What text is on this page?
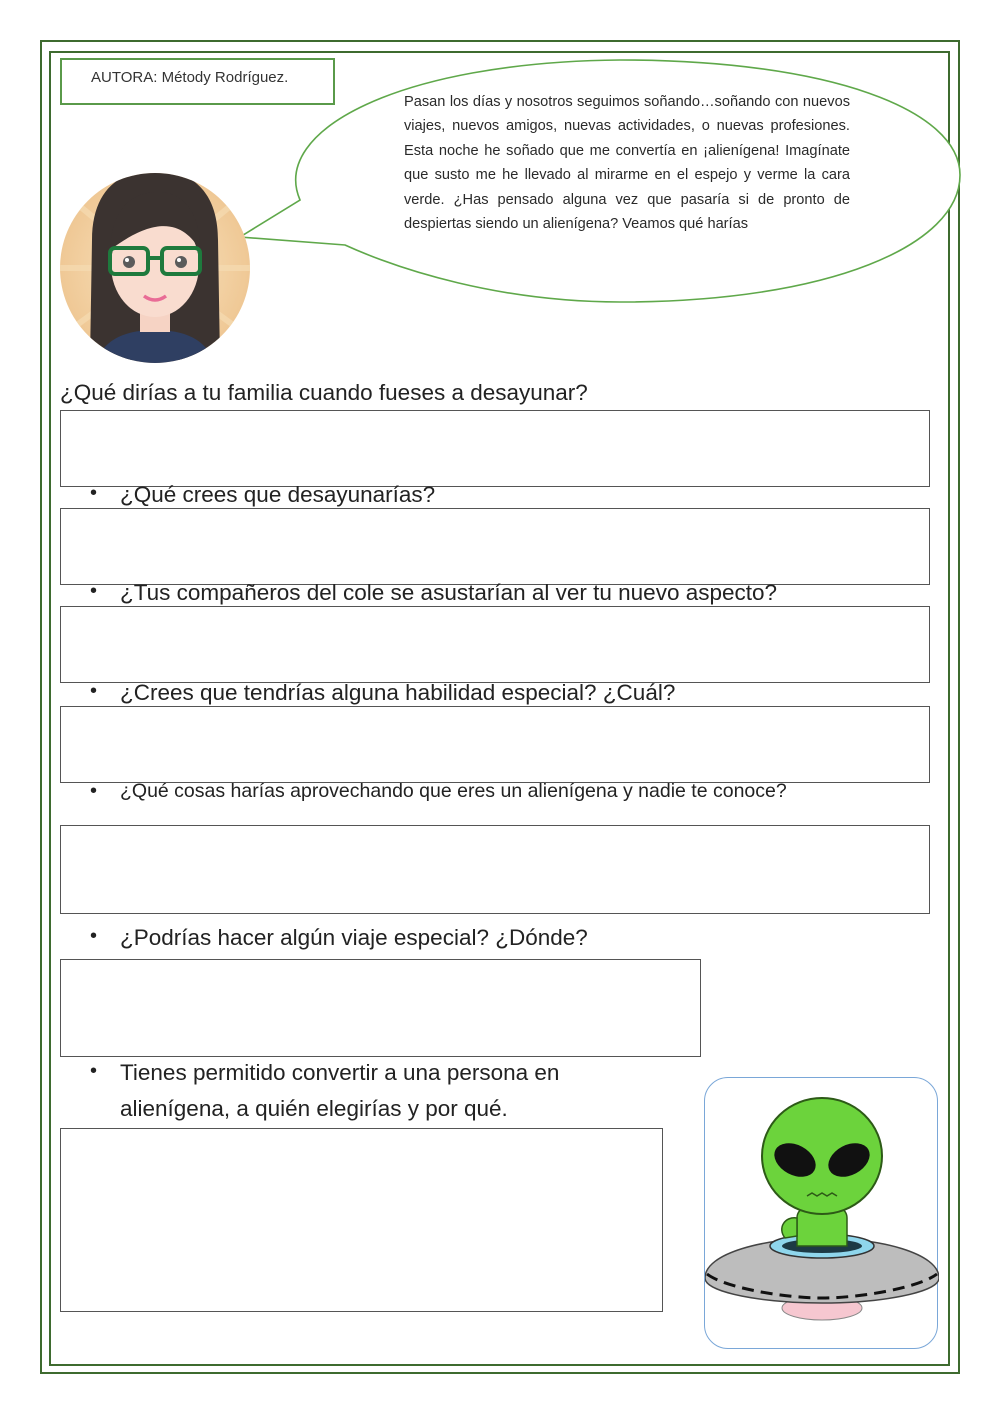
AUTORA: Métody Rodríguez.
Pasan los días y nosotros seguimos soñando…soñando con nuevos viajes, nuevos amigos, nuevas actividades, o nuevas profesiones. Esta noche he soñado que me convertía en ¡alienígena! Imagínate que susto me he llevado al mirarme en el espejo y verme la cara verde. ¿Has pensado alguna vez que pasaría si de pronto de despiertas siendo un alienígena? Veamos qué harías
¿Qué dirías a tu familia cuando fueses a desayunar?
• ¿Qué crees que desayunarías?
• ¿Tus compañeros del cole se asustarían al ver tu nuevo aspecto?
• ¿Crees que tendrías alguna habilidad especial? ¿Cuál?
• ¿Qué cosas harías aprovechando que eres un alienígena y nadie te conoce?
• ¿Podrías hacer algún viaje especial? ¿Dónde?
• Tienes permitido convertir a una persona en
alienígena, a quién elegirías y por qué.
